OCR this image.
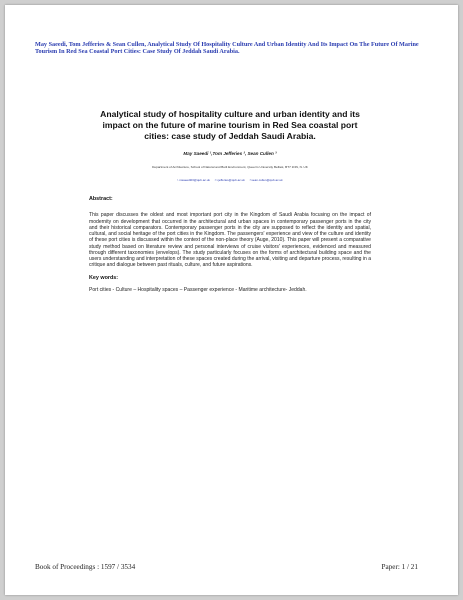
May Saeedi, Tom Jefferies & Sean Cullen, Analytical Study Of Hospitality Culture And Urban Identity And Its Impact On The Future Of Marine Tourism In Red Sea Coastal Port Cities: Case Study Of Jeddah Saudi Arabia.
Analytical study of hospitality culture and urban identity and its impact on the future of marine tourism in Red Sea coastal port cities: case study of Jeddah Saudi Arabia.
May Saeedi ¹,Tom Jefferies ², Sean Cullen ³
Department of Architecture, School of Natural and Built Environment, Queen's University Belfast, BT7 1NN, N. UK
¹ msaeedi03@qub.ac.uk ² t.jefferies@qub.ac.uk ³ sean.cullen@qub.ac.uk
Abstract:
This paper discusses the oldest and most important port city in the Kingdom of Saudi Arabia focusing on the impact of modernity on development that occurred in the architectural and urban spaces in contemporary passenger ports in the city and their historical comparators. Contemporary passenger ports in the city are supposed to reflect the identity and spatial, cultural, and social heritage of the port cities in the Kingdom. The passengers' experience and view of the culture and identity of these port cities is discussed within the context of the non-place theory (Auge, 2010). This paper will present a comparative study method based on literature review and personal interviews of cruise visitors' experiences, evidenced and measured through different taxonomies (envelops). The study particularly focuses on the forms of architectural building space and the users understanding and interpretation of these spaces created during the arrival, visiting and departure process, resulting in a critique and dialogue between past rituals, culture, and future aspirations.
Key words:
Port cities - Culture – Hospitality spaces – Passenger experience - Maritime architecture- Jeddah.
Book of Proceedings : 1597 / 3534	Paper: 1 / 21
